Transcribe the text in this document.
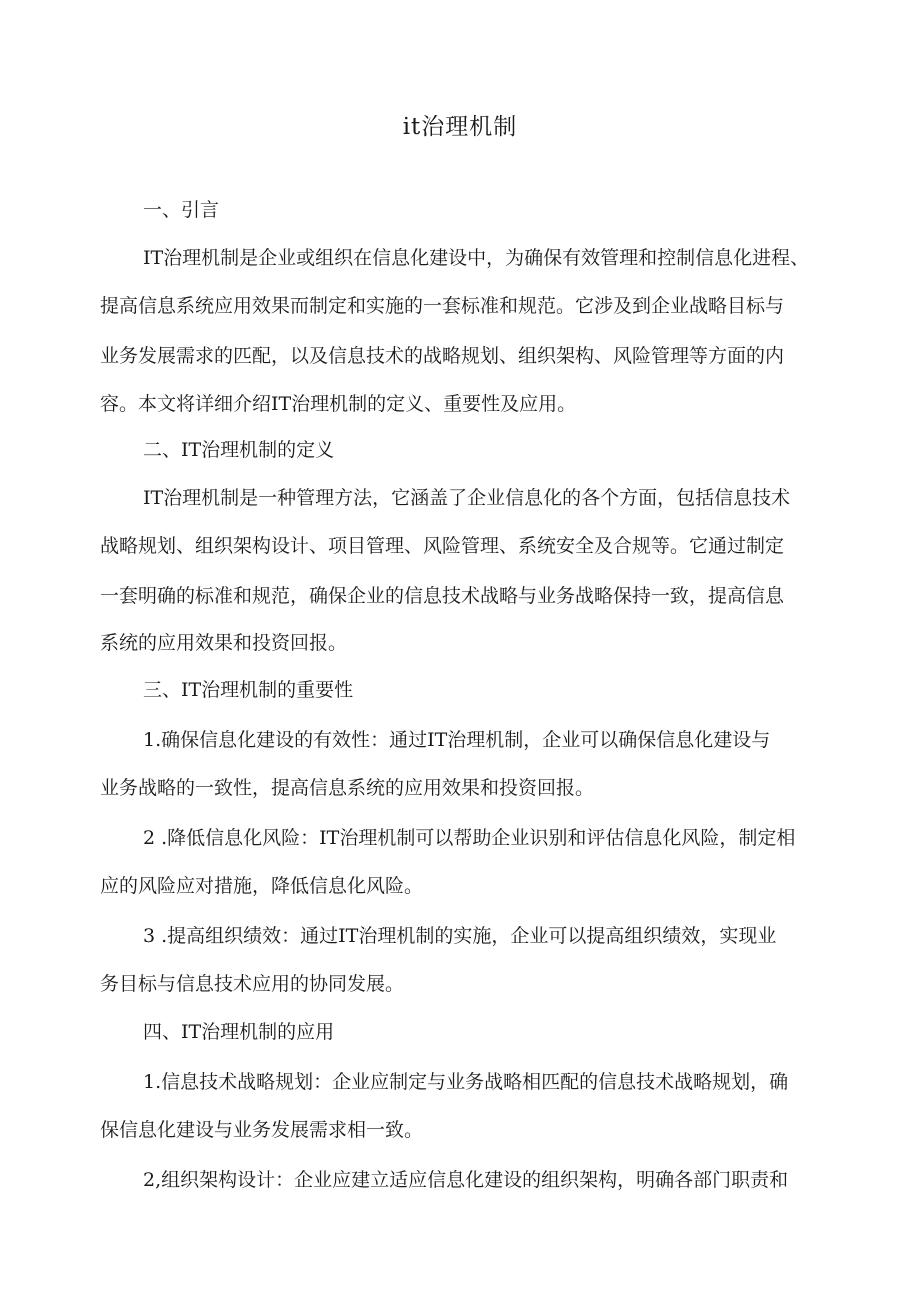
it治理机制
一、引言
IT治理机制是企业或组织在信息化建设中，为确保有效管理和控制信息化进程、
提高信息系统应用效果而制定和实施的一套标准和规范。它涉及到企业战略目标与
业务发展需求的匹配，以及信息技术的战略规划、组织架构、风险管理等方面的内
容。本文将详细介绍IT治理机制的定义、重要性及应用。
二、IT治理机制的定义
IT治理机制是一种管理方法，它涵盖了企业信息化的各个方面，包括信息技术
战略规划、组织架构设计、项目管理、风险管理、系统安全及合规等。它通过制定
一套明确的标准和规范，确保企业的信息技术战略与业务战略保持一致，提高信息
系统的应用效果和投资回报。
三、IT治理机制的重要性
1.确保信息化建设的有效性：通过IT治理机制，企业可以确保信息化建设与
业务战略的一致性，提高信息系统的应用效果和投资回报。
2 .降低信息化风险：IT治理机制可以帮助企业识别和评估信息化风险，制定相
应的风险应对措施，降低信息化风险。
3 .提高组织绩效：通过IT治理机制的实施，企业可以提高组织绩效，实现业
务目标与信息技术应用的协同发展。
四、IT治理机制的应用
1.信息技术战略规划：企业应制定与业务战略相匹配的信息技术战略规划，确
保信息化建设与业务发展需求相一致。
2,组织架构设计：企业应建立适应信息化建设的组织架构，明确各部门职责和
